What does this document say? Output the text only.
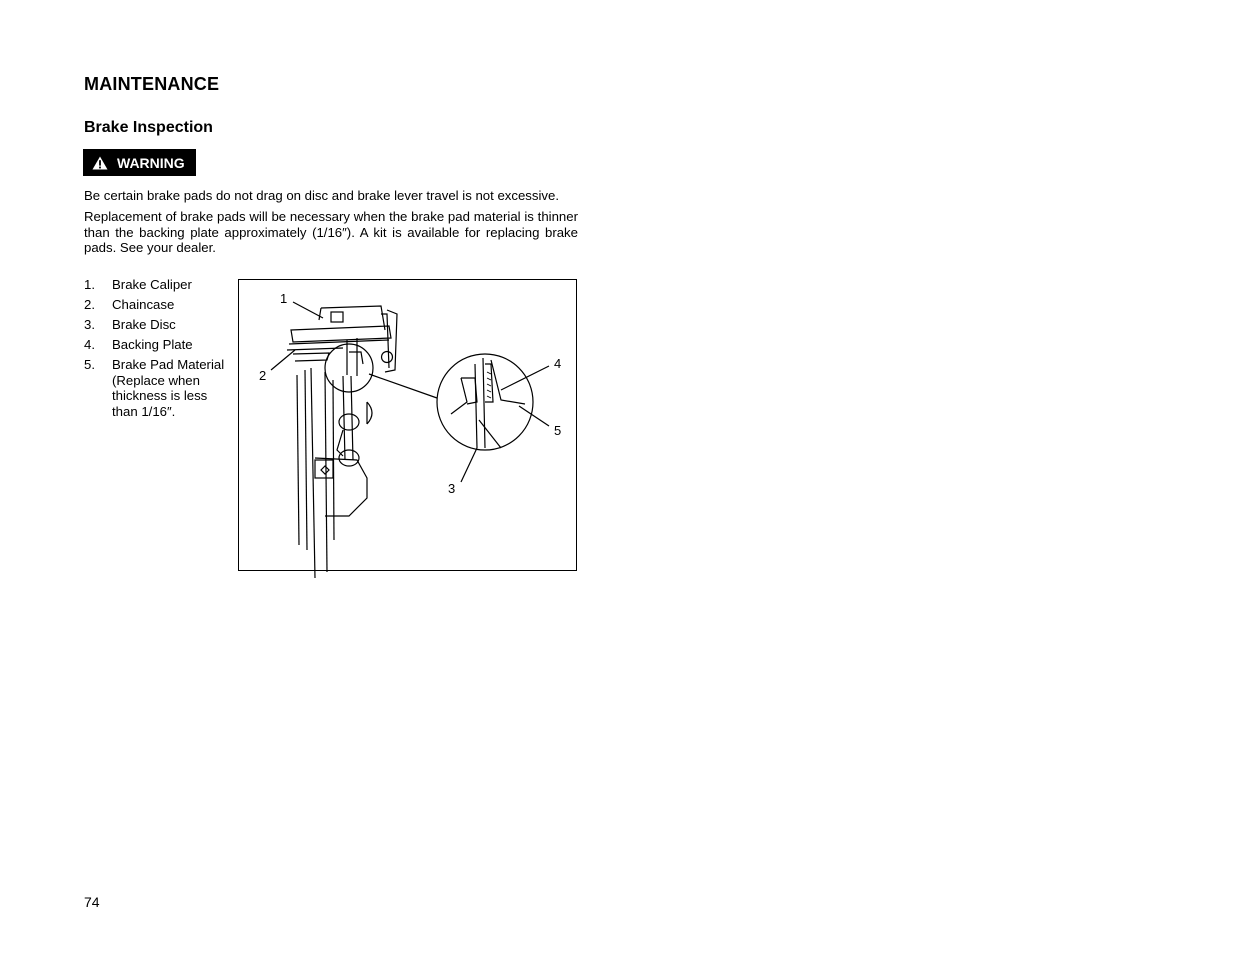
MAINTENANCE
Brake Inspection
WARNING

Be certain brake pads do not drag on disc and brake lever travel is not excessive.

Replacement of brake pads will be necessary when the brake pad material is thinner than the backing plate approximately (1/16″). A kit is available for replacing brake pads. See your dealer.

1.	Brake Caliper
2.	Chaincase
3.	Brake Disc
4.	Backing Plate
5.	Brake Pad Material (Replace when thickness is less than 1/16″.
1
2
3
4
5

74
